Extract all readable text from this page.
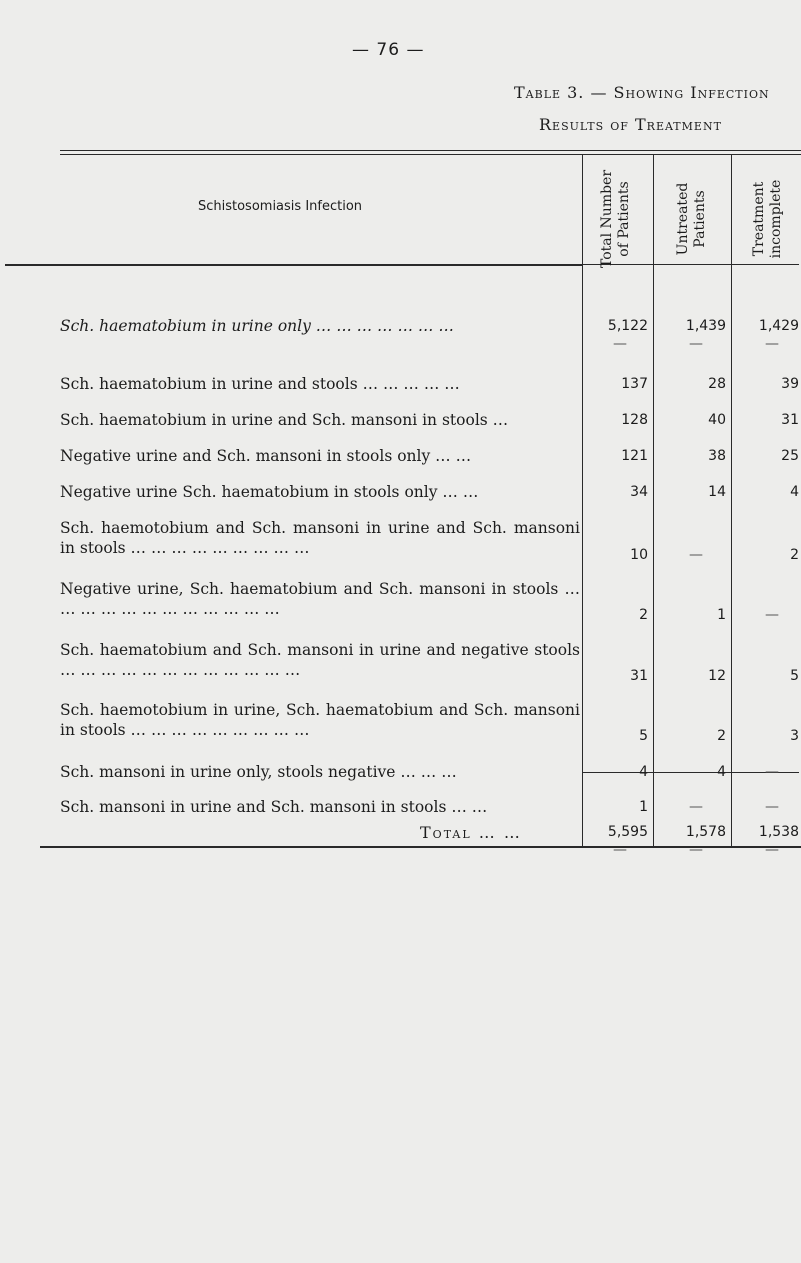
— 76 —
Table 3. — Showing Infection
Results of Treatment
Schistosomiasis Infection	Total Number of Patients	Untreated Patients	Treatment incomplete
Sch. haematobium in urine only … … … … … … …	5,122	1,439	1,429
—	—	—
Sch. haematobium in urine and stools … … … … …	137	28	39
Sch. haematobium in urine and Sch. mansoni in stools …	128	40	31
Negative urine and Sch. mansoni in stools only … …	121	38	25
Negative urine Sch. haematobium in stools only … …	34	14	4
Sch. haemotobium and Sch. mansoni in urine and Sch. mansoni in stools … … … … … … … … …	10	—	2
Negative urine, Sch. haematobium and Sch. mansoni in stools … … … … … … … … … … … …	2	1	—
Sch. haematobium and Sch. mansoni in urine and negative stools … … … … … … … … … … … …	31	12	5
Sch. haemotobium in urine, Sch. haematobium and Sch. mansoni in stools … … … … … … … … …	5	2	3
Sch. mansoni in urine only, stools negative … … …	4	4	—
Sch. mansoni in urine and Sch. mansoni in stools … …	1	—	—
Total … …	5,595	1,578	1,538
—	—	—
